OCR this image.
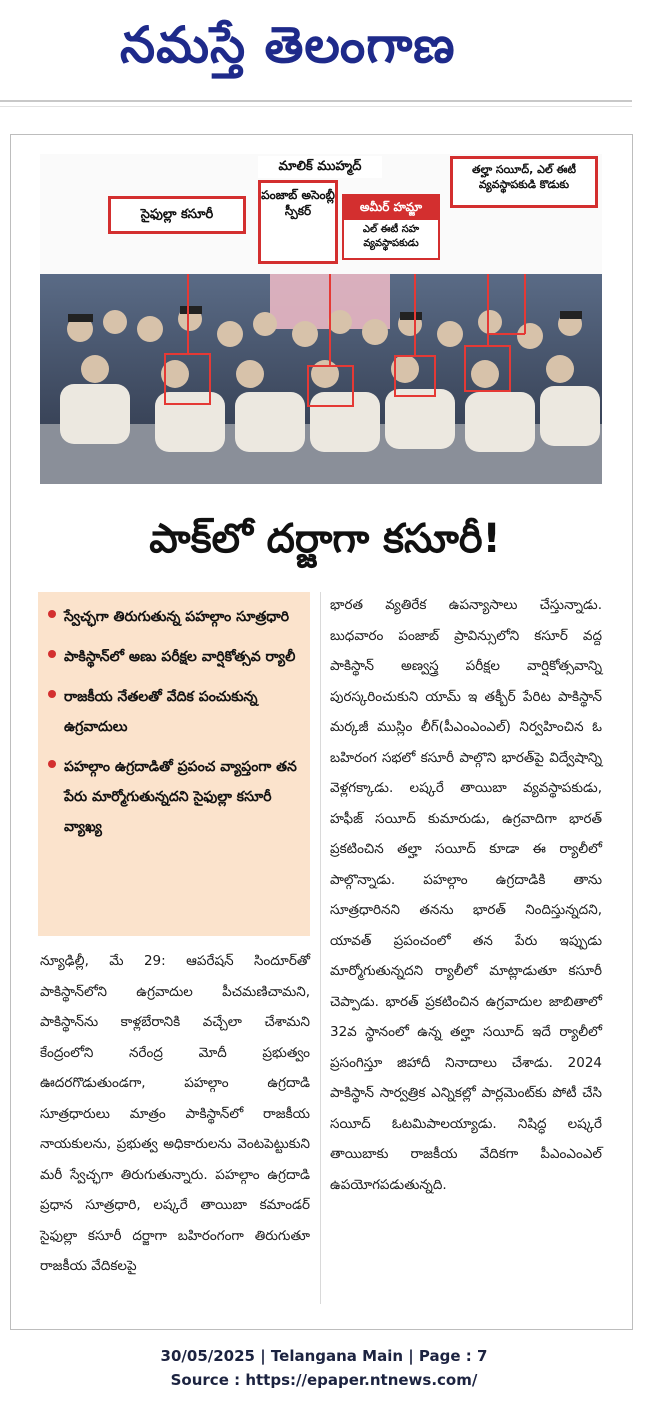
నమస్తే తెలంగాణ
సైఫుల్లా కసూరీ
మాలిక్ ముహ్మద్
పంజాబ్ అసెంబ్లీ స్పీకర్	అమీర్ హమ్జా
ఎల్ ఈటీ సహ వ్యవస్థాపకుడు
తల్హా సయీద్, ఎల్ ఈటీ వ్యవస్థాపకుడి కొడుకు
పాక్‌లో దర్జాగా కసూరీ!
స్వేచ్ఛగా తిరుగుతున్న పహల్గాం సూత్రధారి
పాకిస్థాన్‌లో అణు పరీక్షల వార్షికోత్సవ ర్యాలీ
రాజకీయ నేతలతో వేదిక పంచుకున్న ఉగ్రవాదులు
పహల్గాం ఉగ్రదాడితో ప్రపంచ వ్యాప్తంగా తన పేరు మార్మోగుతున్నదని సైఫుల్లా కసూరీ వ్యాఖ్య

న్యూఢిల్లీ, మే 29: ఆపరేషన్ సిందూర్‌తో పాకిస్థాన్‌లోని ఉగ్రవాదుల పీచమణిచామని, పాకిస్థాన్‌ను కాళ్లబేరానికి వచ్చేలా చేశామని కేంద్రంలోని నరేంద్ర మోదీ ప్రభుత్వం ఊదరగొడుతుండగా, పహల్గాం ఉగ్రదాడి సూత్రధారులు మాత్రం పాకిస్థాన్‌లో రాజకీయ నాయకులను, ప్రభుత్వ అధికారులను వెంటపెట్టుకుని మరీ స్వేచ్ఛగా తిరుగుతున్నారు. పహల్గాం ఉగ్రదాడి ప్రధాన సూత్రధారి, లష్కరే తాయిబా కమాండర్ సైఫుల్లా కసూరీ దర్జాగా బహిరంగంగా తిరుగుతూ రాజకీయ వేదికలపై

భారత వ్యతిరేక ఉపన్యాసాలు చేస్తున్నాడు. బుధవారం పంజాబ్ ప్రావిన్సులోని కసూర్ వద్ద పాకిస్థాన్ అణ్వస్త్ర పరీక్షల వార్షికోత్సవాన్ని పురస్కరించుకుని యామ్ ఇ తక్బీర్ పేరిట పాకిస్థాన్ మర్కజీ ముస్లిం లీగ్(పీఎంఎంఎల్) నిర్వహించిన ఓ బహిరంగ సభలో కసూరీ పాల్గొని భారత్‌పై విద్వేషాన్ని వెళ్లగక్కాడు. లష్కరే తాయిబా వ్యవస్థాపకుడు, హఫీజ్ సయీద్ కుమారుడు, ఉగ్రవాదిగా భారత్ ప్రకటించిన తల్హా సయీద్ కూడా ఈ ర్యాలీలో పాల్గొన్నాడు. పహల్గాం ఉగ్రదాడికి తాను సూత్రధారినని తనను భారత్ నిందిస్తున్నదని, యావత్ ప్రపంచంలో తన పేరు ఇప్పుడు మార్మోగుతున్నదని ర్యాలీలో మాట్లాడుతూ కసూరీ చెప్పాడు. భారత్ ప్రకటించిన ఉగ్రవాదుల జాబితాలో 32వ స్థానంలో ఉన్న తల్హా సయీద్ ఇదే ర్యాలీలో ప్రసంగిస్తూ జిహాదీ నినాదాలు చేశాడు. 2024 పాకిస్థాన్ సార్వత్రిక ఎన్నికల్లో పార్లమెంట్‌కు పోటీ చేసి సయీద్ ఓటమిపాలయ్యాడు. నిషిద్ధ లష్కరే తాయిబాకు రాజకీయ వేదికగా పీఎంఎంఎల్ ఉపయోగపడుతున్నది.

30/05/2025 | Telangana Main | Page : 7
Source : https://epaper.ntnews.com/
